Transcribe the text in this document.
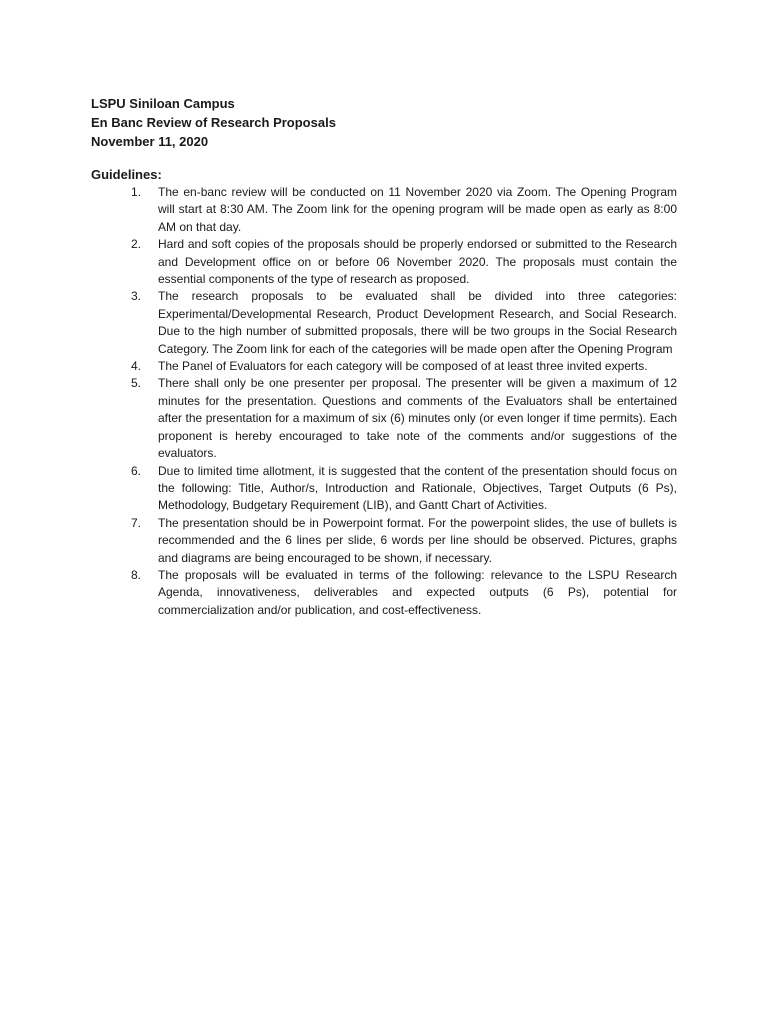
LSPU Siniloan Campus
En Banc Review of Research Proposals
November 11, 2020
Guidelines:
1.	The en-banc review will be conducted on 11 November 2020 via Zoom. The Opening Program will start at 8:30 AM. The Zoom link for the opening program will be made open as early as 8:00 AM on that day.

2.	Hard and soft copies of the proposals should be properly endorsed or submitted to the Research and Development office on or before 06 November 2020. The proposals must contain the essential components of the type of research as proposed.

3.	The research proposals to be evaluated shall be divided into three categories: Experimental/Developmental Research, Product Development Research, and Social Research. Due to the high number of submitted proposals, there will be two groups in the Social Research Category. The Zoom link for each of the categories will be made open after the Opening Program

4.	The Panel of Evaluators for each category will be composed of at least three invited experts.

5.	There shall only be one presenter per proposal. The presenter will be given a maximum of 12 minutes for the presentation. Questions and comments of the Evaluators shall be entertained after the presentation for a maximum of six (6) minutes only (or even longer if time permits). Each proponent is hereby encouraged to take note of the comments and/or suggestions of the evaluators.

6.	Due to limited time allotment, it is suggested that the content of the presentation should focus on the following: Title, Author/s, Introduction and Rationale, Objectives, Target Outputs (6 Ps), Methodology, Budgetary Requirement (LIB), and Gantt Chart of Activities.

7.	The presentation should be in Powerpoint format. For the powerpoint slides, the use of bullets is recommended and the 6 lines per slide, 6 words per line should be observed. Pictures, graphs and diagrams are being encouraged to be shown, if necessary.

8.	The proposals will be evaluated in terms of the following: relevance to the LSPU Research Agenda, innovativeness, deliverables and expected outputs (6 Ps), potential for commercialization and/or publication, and cost-effectiveness.
